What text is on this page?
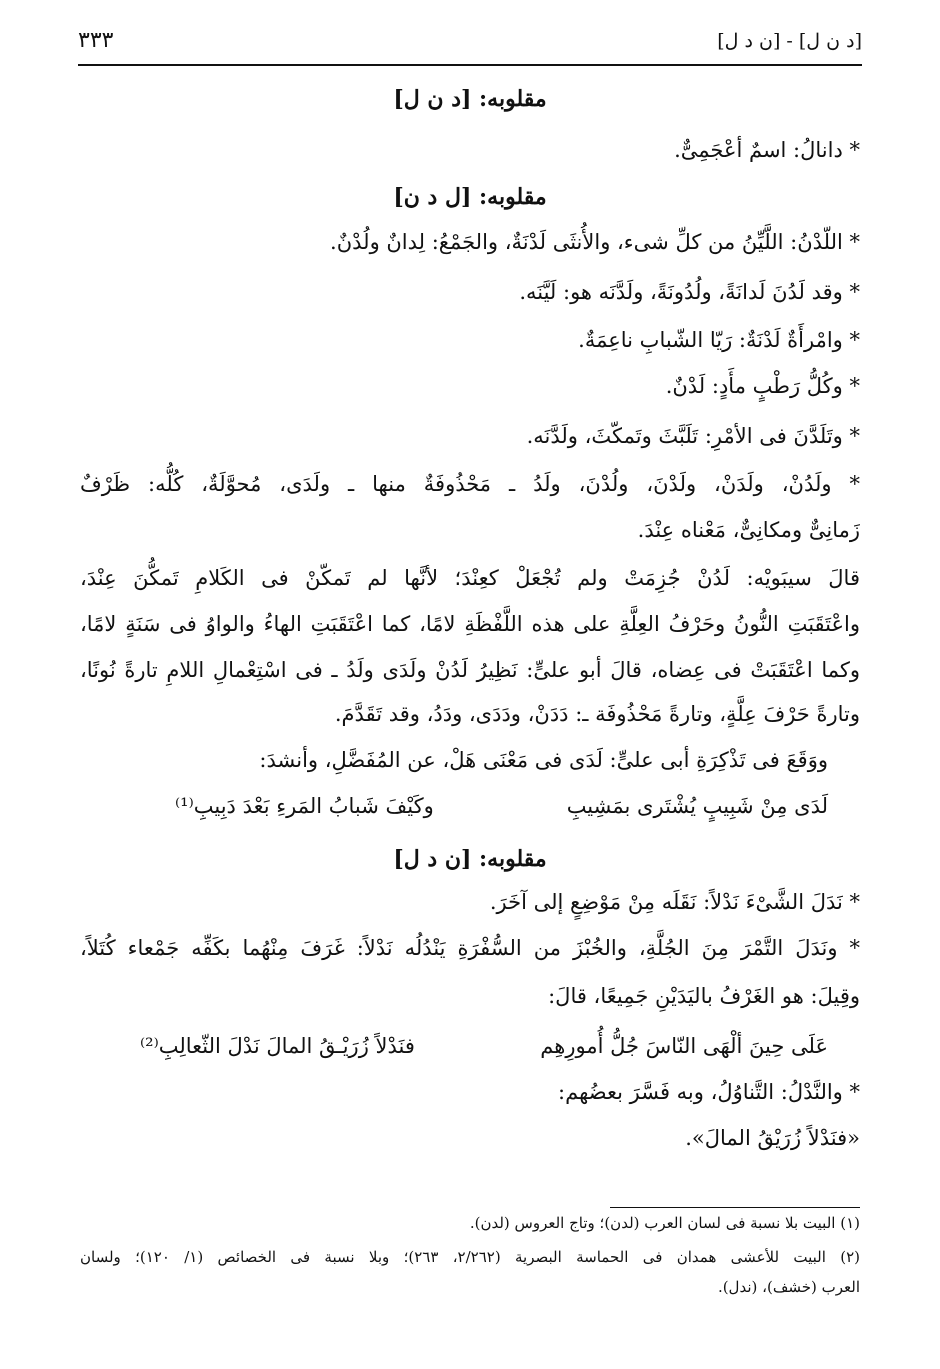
٣٣٣	[د ن ل] - [ن د ل]
مقلوبه: [د ن ل]
* دانالُ: اسمٌ أعْجَمِىٌّ.
مقلوبه: [ل د ن]
* اللّدْنُ: اللَّيِّنُ من كلِّ شىء، والأُنثَى لَدْنَةٌ، والجَمْعُ: لِدانٌ ولُدْنٌ.
* وقد لَدُنَ لَدانَةً، ولُدُونَةً، ولَدَّنَه هو: لَيَّنَه.
* وامْرأَةٌ لَدْنَةٌ: رَيّا الشّبابِ ناعِمَةٌ.
* وكُلُّ رَطْبٍ مأَدٍ: لَدْنٌ.
* وتَلَدَّنَ فى الأمْرِ: تَلَبَّثَ وتَمكّثَ، ولَدَّنَه.
* ولَدُنْ، ولَدَنْ، ولَدْنَ، ولُدْنَ، ولَدُ ـ مَحْذُوفَةٌ منها ـ ولَدَى، مُحوَّلَةٌ، كُلُّه: ظَرْفٌ
زَمانِىٌّ ومكانِىٌّ، مَعْناه عِنْدَ.
قالَ سيبَويْه: لَدُنْ جُزِمَتْ ولم تُجْعَلْ كعِنْدَ؛ لأنَّها لم تَمكّنْ فى الكَلامِ تَمكُّنَ عِنْدَ،
واعْتَقَبَتِ النُّونُ وحَرْفُ العِلَّةِ على هذه اللَّفْظَةِ لامًا، كما اعْتَقَبَتِ الهاءُ والواوُ فى سَنَةٍ لامًا،
وكما اعْتَقَبَتْ فى عِضاه، قالَ أبو علىٍّ: نَظِيرُ لَدُنْ ولَدَى ولَدُ ـ فى اسْتِعْمالِ اللامِ تارةً نُونًا،
وتارةً حَرْفَ عِلَّةٍ، وتارةً مَحْذُوفَة ـ: دَدَنْ، ودَدَى، ودَدُ، وقد تَقَدَّمَ.
ووَقَعَ فى تَذْكِرَةِ أبى علىٍّ: لَدَى فى مَعْنَى هَلْ، عن المُفَضَّلِ، وأنشدَ:
لَدَى مِنْ شَبِيبٍ يُشْتَرى بمَشِيبِ
وكَيْفَ شَبابُ المَرءِ بَعْدَ دَبِيبِ⁽¹⁾
مقلوبه: [ن د ل]
* نَدَلَ الشَّىْءَ نَدْلاً: نَقَلَه مِنْ مَوْضِعٍ إلى آخَرَ.
* ونَدَلَ التَّمْرَ مِنَ الجُلَّةِ، والخُبْزَ من السُّفْرَةِ يَنْدُلُه نَدْلاً: غَرَفَ مِنْهُما بكَفِّه جَمْعاء كُتَلاً،
وقِيلَ: هو الغَرْفُ باليَدَيْنِ جَمِيعًا، قالَ:
عَلَى حِينَ ألْهَى النّاسَ جُلُّ أُمورِهِم
فنَدْلاً زُرَيْـقُ المالَ نَدْلَ الثّعالِبِ⁽²⁾
* والنَّدْلُ: التَّناوُلُ، وبه فَسَّرَ بعضُهم:
«فنَدْلاً زُرَيْقُ المالَ».
(١) البيت بلا نسبة فى لسان العرب (لدن)؛ وتاج العروس (لدن).
(٢) البيت للأعشى همدان فى الحماسة البصرية (٢/٢٦٢، ٢٦٣)؛ وبلا نسبة فى الخصائص (١/ ١٢٠)؛ ولسان
العرب (خشف)، (ندل).
